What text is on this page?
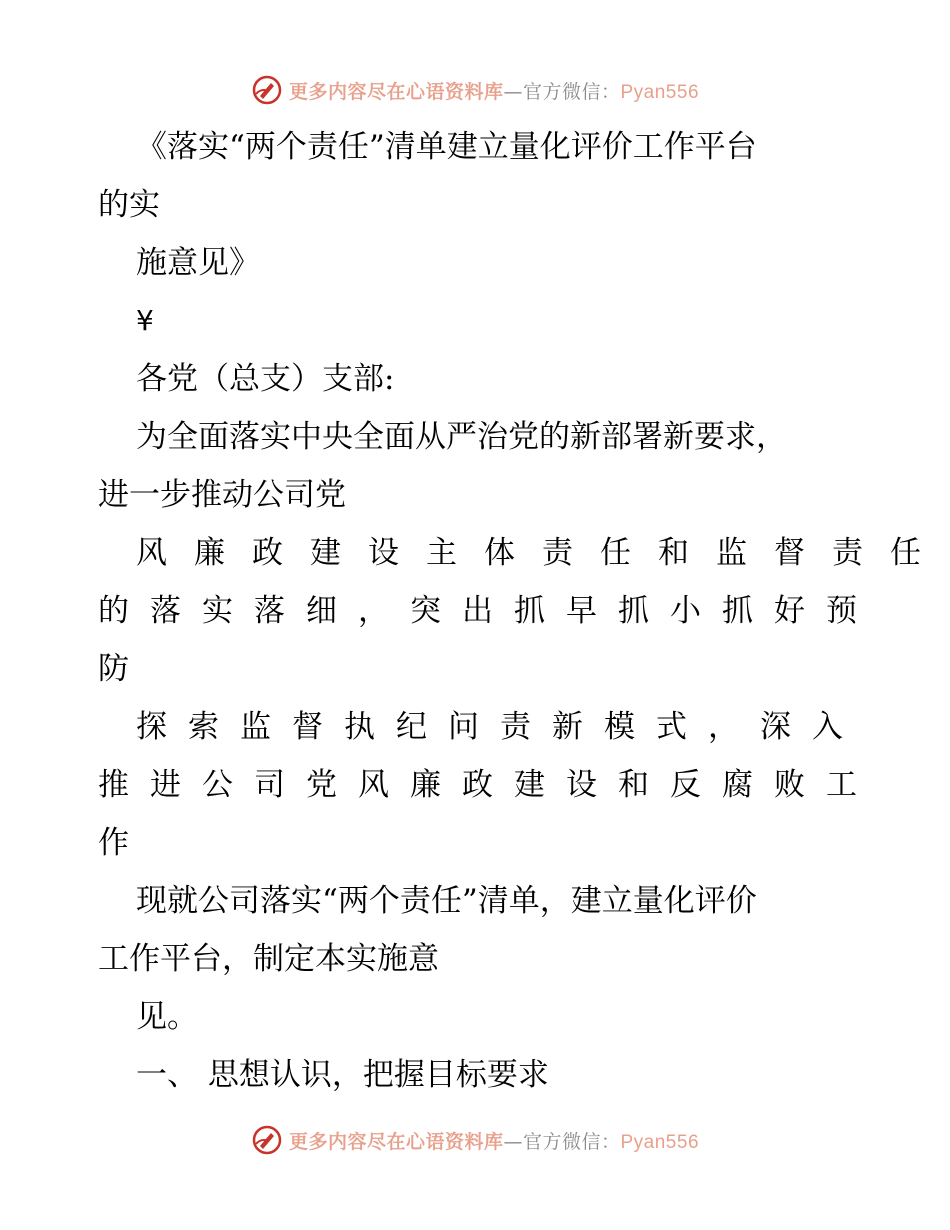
更多内容尽在心语资料库—官方微信：Pyan556
《落实“两个责任”清单建立量化评价工作平台
的实
施意见》
¥
各党（总支）支部:
为全面落实中央全面从严治党的新部署新要求，
进一步推动公司党
风廉政建设主体责任和监督责任
的落实落细，突出抓早抓小抓好预
防
探索监督执纪问责新模式，深入
推进公司党风廉政建设和反腐败工
作
现就公司落实“两个责任”清单，建立量化评价
工作平台，制定本实施意
见。
一、 思想认识，把握目标要求
更多内容尽在心语资料库—官方微信：Pyan556
